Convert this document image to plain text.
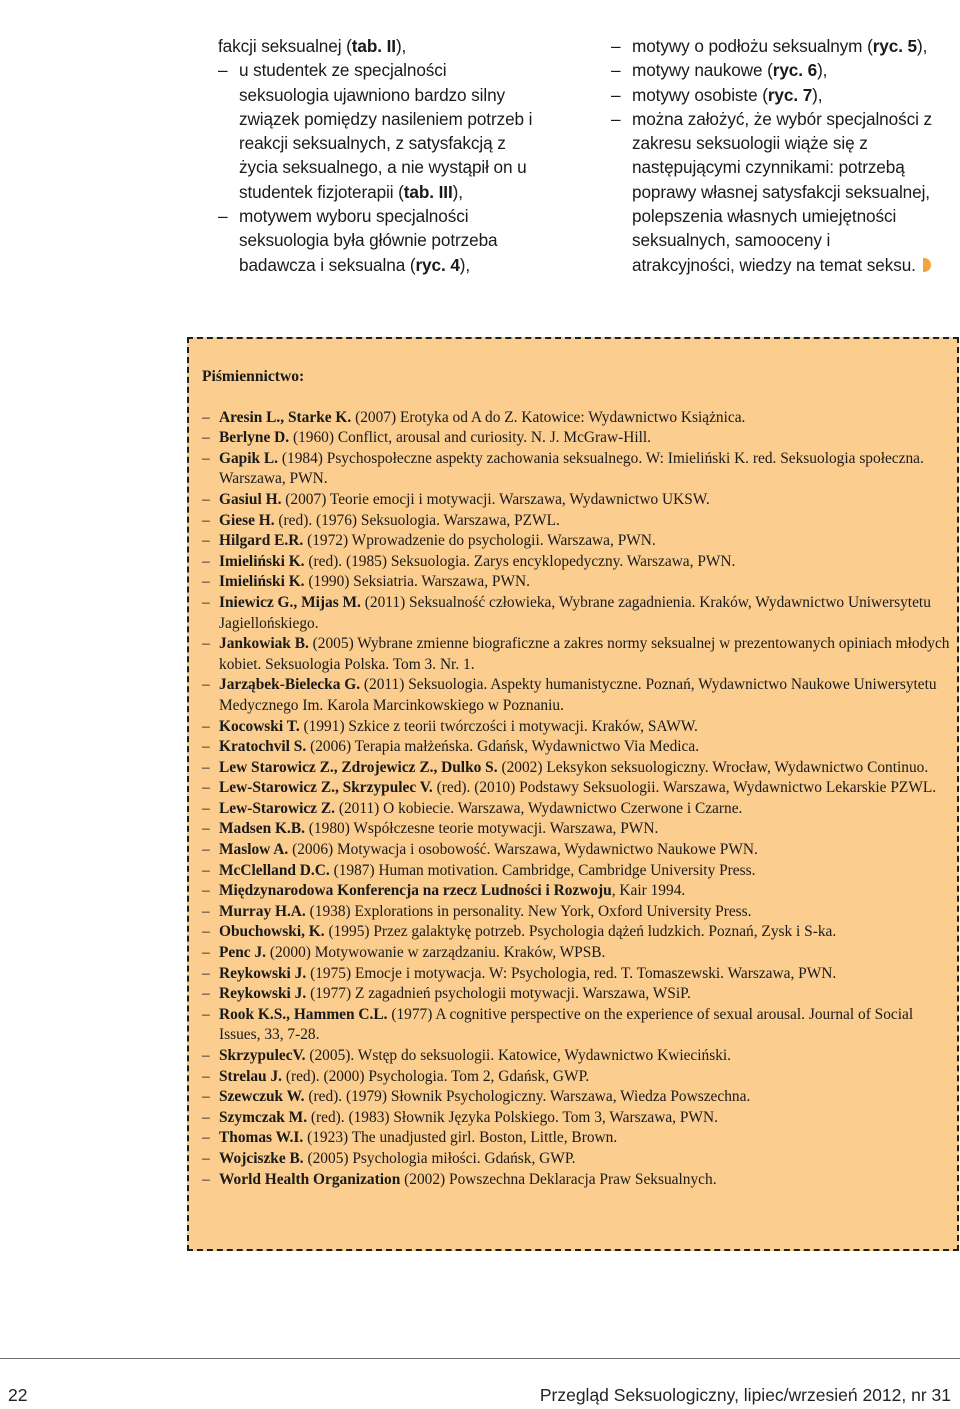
fakcji seksualnej (tab. II),

– u studentek ze specjalności seksuologia ujawniono bardzo silny związek pomiędzy nasileniem potrzeb i reakcji seksualnych, z satysfakcją z życia seksualnego, a nie wystąpił on u studentek fizjoterapii (tab. III),

– motywem wyboru specjalności seksuologia była głównie potrzeba badawcza i seksualna (ryc. 4),

– motywy o podłożu seksualnym (ryc. 5),

– motywy naukowe (ryc. 6),

– motywy osobiste (ryc. 7),

– można założyć, że wybór specjalności z zakresu seksuologii wiąże się z następującymi czynnikami: potrzebą poprawy własnej satysfakcji seksualnej, polepszenia własnych umiejętności seksualnych, samooceny i atrakcyjności, wiedzy na temat seksu.

Piśmiennictwo:

– Aresin L., Starke K. (2007) Erotyka od A do Z. Katowice: Wydawnictwo Książnica.

– Berlyne D. (1960) Conflict, arousal and curiosity. N. J. McGraw-Hill.

– Gapik L. (1984) Psychospołeczne aspekty zachowania seksualnego. W: Imieliński K. red. Seksuologia społeczna. Warszawa, PWN.

– Gasiul H. (2007) Teorie emocji i motywacji. Warszawa, Wydawnictwo UKSW.

– Giese H. (red). (1976) Seksuologia. Warszawa, PZWL.

– Hilgard E.R. (1972) Wprowadzenie do psychologii. Warszawa, PWN.

– Imieliński K. (red). (1985) Seksuologia. Zarys encyklopedyczny. Warszawa, PWN.

– Imieliński K. (1990) Seksiatria. Warszawa, PWN.

– Iniewicz G., Mijas M. (2011) Seksualność człowieka, Wybrane zagadnienia. Kraków, Wydawnictwo Uniwersytetu Jagiellońskiego.

– Jankowiak B. (2005) Wybrane zmienne biograficzne a zakres normy seksualnej w prezentowanych opiniach młodych kobiet. Seksuologia Polska. Tom 3. Nr. 1.

– Jarząbek-Bielecka G. (2011) Seksuologia. Aspekty humanistyczne. Poznań, Wydawnictwo Naukowe Uniwersytetu Medycznego Im. Karola Marcinkowskiego w Poznaniu.

– Kocowski T. (1991) Szkice z teorii twórczości i motywacji. Kraków, SAWW.

– Kratochvil S. (2006) Terapia małżeńska. Gdańsk, Wydawnictwo Via Medica.

– Lew Starowicz Z., Zdrojewicz Z., Dulko S. (2002) Leksykon seksuologiczny. Wrocław, Wydawnictwo Continuo.

– Lew-Starowicz Z., Skrzypulec V. (red). (2010) Podstawy Seksuologii. Warszawa, Wydawnictwo Lekarskie PZWL.

– Lew-Starowicz Z. (2011) O kobiecie. Warszawa, Wydawnictwo Czerwone i Czarne.

– Madsen K.B. (1980) Współczesne teorie motywacji. Warszawa, PWN.

– Maslow A. (2006) Motywacja i osobowość. Warszawa, Wydawnictwo Naukowe PWN.

– McClelland D.C. (1987) Human motivation. Cambridge, Cambridge University Press.

– Międzynarodowa Konferencja na rzecz Ludności i Rozwoju, Kair 1994.

– Murray H.A. (1938) Explorations in personality. New York, Oxford University Press.

– Obuchowski, K. (1995) Przez galaktykę potrzeb. Psychologia dążeń ludzkich. Poznań, Zysk i S-ka.

– Penc J. (2000) Motywowanie w zarządzaniu. Kraków, WPSB.

– Reykowski J. (1975) Emocje i motywacja. W: Psychologia, red. T. Tomaszewski. Warszawa, PWN.

– Reykowski J. (1977) Z zagadnień psychologii motywacji. Warszawa, WSiP.

– Rook K.S., Hammen C.L. (1977) A cognitive perspective on the experience of sexual arousal. Journal of Social Issues, 33, 7-28.

– SkrzypulecV. (2005). Wstęp do seksuologii. Katowice, Wydawnictwo Kwieciński.

– Strelau J. (red). (2000) Psychologia. Tom 2, Gdańsk, GWP.

– Szewczuk W. (red). (1979) Słownik Psychologiczny. Warszawa, Wiedza Powszechna.

– Szymczak M. (red). (1983) Słownik Języka Polskiego. Tom 3, Warszawa, PWN.

– Thomas W.I. (1923) The unadjusted girl. Boston, Little, Brown.

– Wojciszke B. (2005) Psychologia miłości. Gdańsk, GWP.

– World Health Organization (2002) Powszechna Deklaracja Praw Seksualnych.

22	Przegląd Seksuologiczny, lipiec/wrzesień 2012, nr 31
